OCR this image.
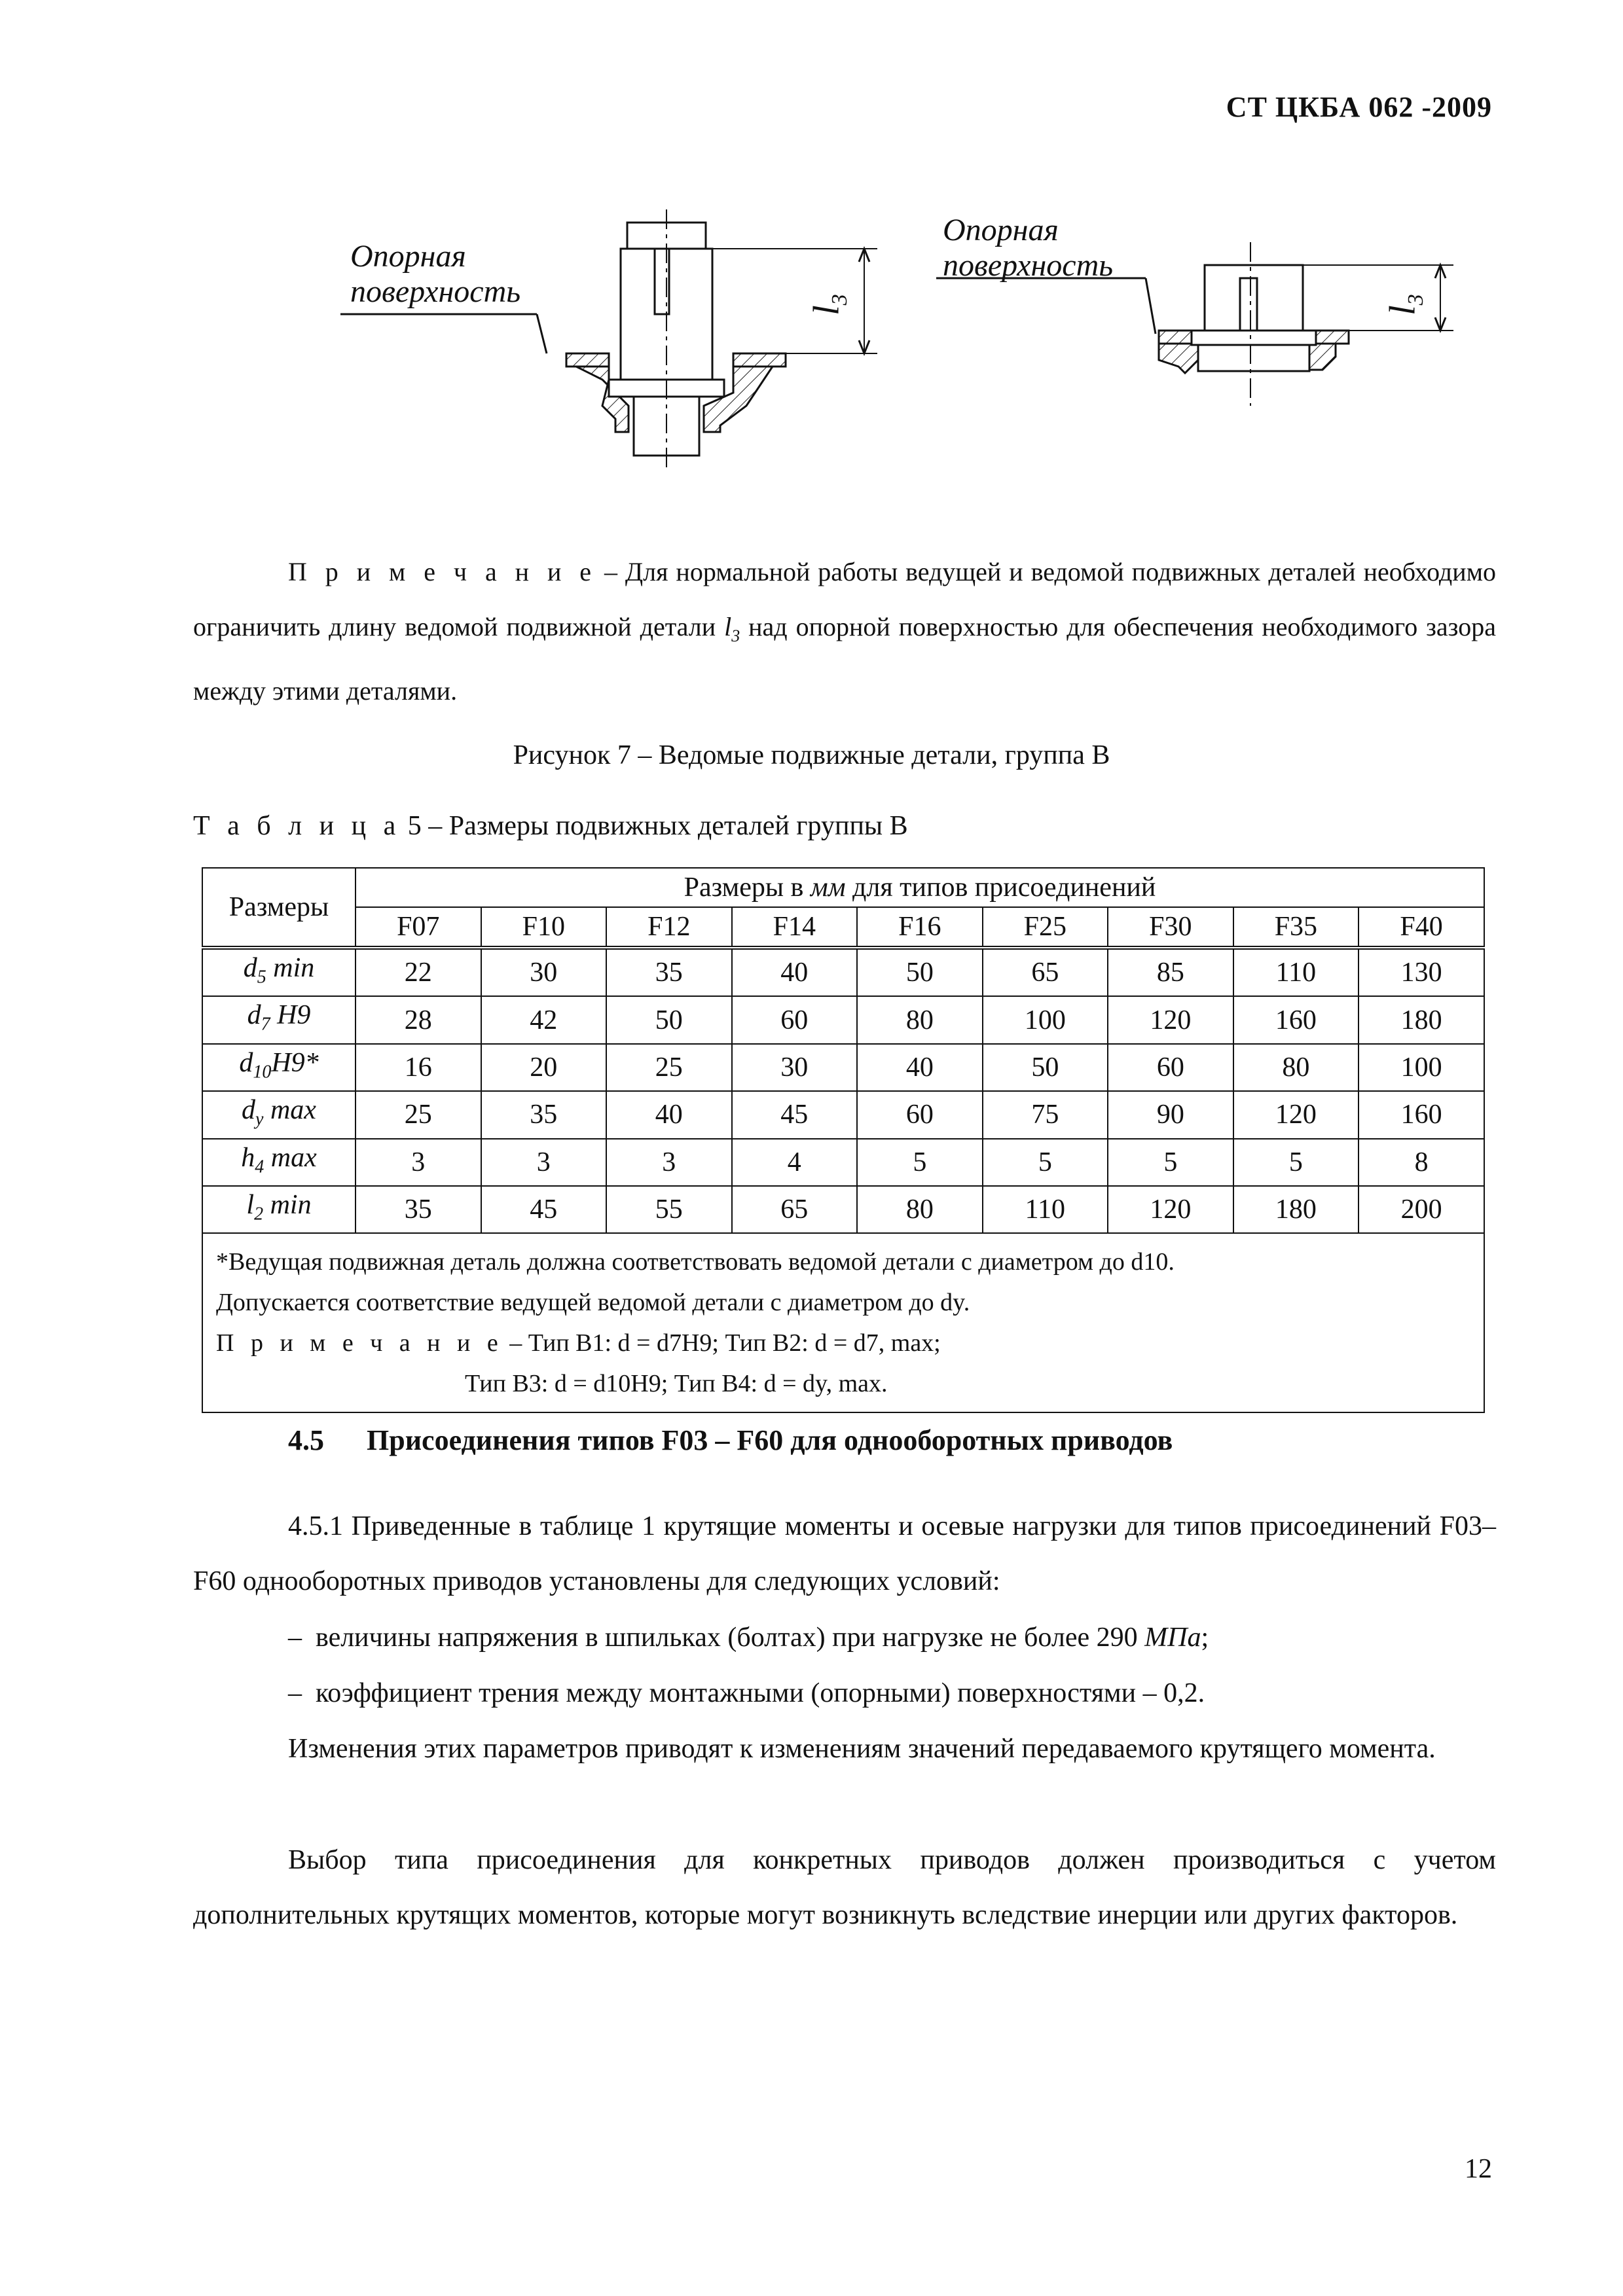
СТ ЦКБА 062 -2009
Опорная
поверхность
Опорная
поверхность
$l_3$
$l_3$
П р и м е ч а н и е – Для нормальной работы ведущей и ведомой подвижных деталей необходимо ограничить длину ведомой подвижной детали $l_3$ над опорной поверхностью для обеспечения необходимого зазора между этими деталями.
Рисунок 7 – Ведомые подвижные детали, группа В
Т а б л и ц а 5 – Размеры подвижных деталей группы В
Размеры	Размеры в мм для типов присоединений								
	F07	F10	F12	F14	F16	F25	F30	F35	F40
$d_5$ min	22	30	35	40	50	65	85	110	130
$d_7$ H9	28	42	50	60	80	100	120	160	180
$d_{10}H9*$	16	20	25	30	40	50	60	80	100
$d_y$ max	25	35	40	45	60	75	90	120	160
$h_4$ max	3	3	3	4	5	5	5	5	8
$l_2$ min	35	45	55	65	80	110	120	180	200

*Ведущая подвижная деталь должна соответствовать ведомой детали с диаметром до d10.
Допускается соответствие ведущей ведомой детали с диаметром до dy.
П р и м е ч а н и е – Тип В1: d = d7H9; Тип В2: d = d7, max;
Тип В3: d = d10H9; Тип В4: d = dy, max.									
4.5 Присоединения типов F03 – F60 для однооборотных приводов
4.5.1 Приведенные в таблице 1 крутящие моменты и осевые нагрузки для типов присоединений F03–F60 однооборотных приводов установлены для следующих условий:
–  величины напряжения в шпильках (болтах) при нагрузке не более 290 МПа;
–  коэффициент трения между монтажными (опорными) поверхностями – 0,2.
Изменения этих параметров приводят к изменениям значений передаваемого крутящего момента.
Выбор типа присоединения для конкретных приводов должен производиться с учетом дополнительных крутящих моментов, которые могут возникнуть вследствие инерции или других факторов.
12
